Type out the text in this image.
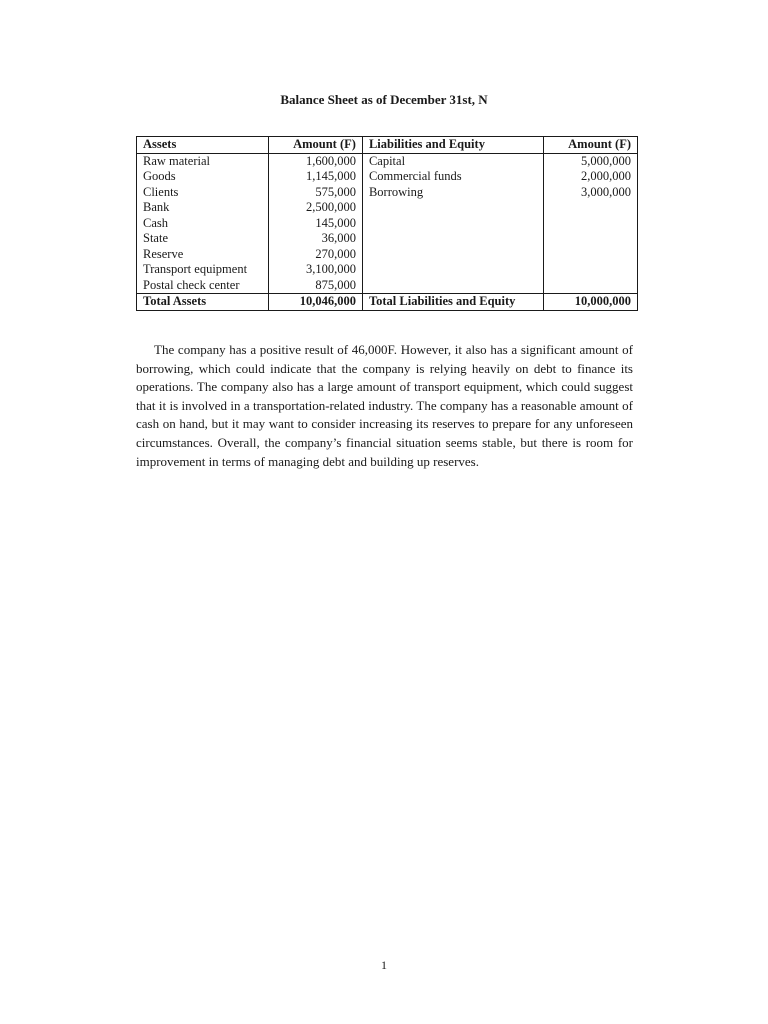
Balance Sheet as of December 31st, N
Assets	Amount (F)	Liabilities and Equity	Amount (F)
Raw material	1,600,000	Capital	5,000,000
Goods	1,145,000	Commercial funds	2,000,000
Clients	575,000	Borrowing	3,000,000
Bank	2,500,000		
Cash	145,000		
State	36,000		
Reserve	270,000		
Transport equipment	3,100,000		
Postal check center	875,000		
Total Assets	10,046,000	Total Liabilities and Equity	10,000,000

The company has a positive result of 46,000F. However, it also has a significant amount of borrowing, which could indicate that the company is relying heavily on debt to finance its operations. The company also has a large amount of transport equipment, which could suggest that it is involved in a transportation-related industry. The company has a reasonable amount of cash on hand, but it may want to consider increasing its reserves to prepare for any unforeseen circumstances. Overall, the company’s financial situation seems stable, but there is room for improvement in terms of managing debt and building up reserves.

1
